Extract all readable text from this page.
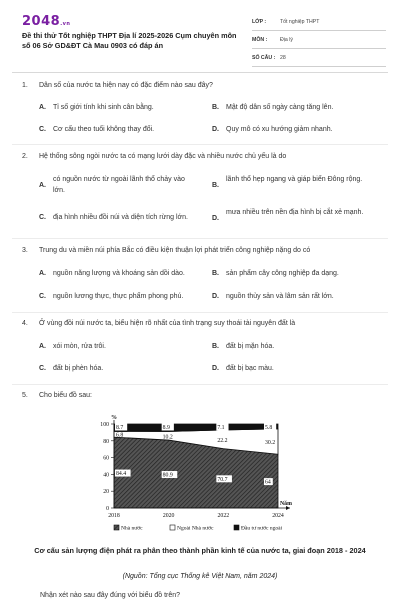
2048.vn
Đề thi thử Tốt nghiệp THPT Địa lí 2025-2026 Cụm chuyên môn số 06 Sở GD&ĐT Cà Mau 0903 có đáp án
LỚP :	Tốt nghiệp THPT
MÔN :	Địa lý
SỐ CÂU : 28
1. Dân số của nước ta hiện nay có đặc điểm nào sau đây?
A. Tỉ số giới tính khi sinh cân bằng.	B. Mật độ dân số ngày càng tăng lên.
C. Cơ cấu theo tuổi không thay đổi.	D. Quy mô có xu hướng giảm nhanh.
2. Hệ thống sông ngòi nước ta có mạng lưới dày đặc và nhiều nước chủ yếu là do
A.
có nguồn nước từ ngoài lãnh thổ chảy vào lớn.
B.
lãnh thổ hẹp ngang và giáp biển Đông rộng.
C. địa hình nhiều đồi núi và diện tích rừng lớn.	D.
mưa nhiều trên nền địa hình bị cắt xẻ mạnh.
3. Trung du và miền núi phía Bắc có điều kiện thuận lợi phát triển công nghiệp nặng do có
A. nguồn năng lượng và khoáng sản dồi dào.	B. sản phẩm cây công nghiệp đa dạng.
C. nguồn lương thực, thực phẩm phong phú.	D. nguồn thủy sản và lâm sản rất lớn.
4. Ở vùng đồi núi nước ta, biểu hiện rõ nhất của tình trạng suy thoái tài nguyên đất là
A. xói mòn, rửa trôi.	B. đất bị mặn hóa.
C. đất bị phèn hóa.	D. đất bị bạc màu.
5. Cho biểu đồ sau:
84.4	80.9
70.7	64
6.8	10.2
22.2	30.2
8.7	8.9	7.1	5.8
0
20
40
60
80
100
%
2018	2020	2022	2024
Năm
Nhà nước	Ngoài Nhà nước	Đầu tư nước ngoài
Cơ cấu sản lượng điện phát ra phân theo thành phần kinh tế của nước ta, giai đoạn 2018 - 2024
(Nguồn: Tổng cục Thống kê Việt Nam, năm 2024)
Nhận xét nào sau đây đúng với biểu đồ trên?
